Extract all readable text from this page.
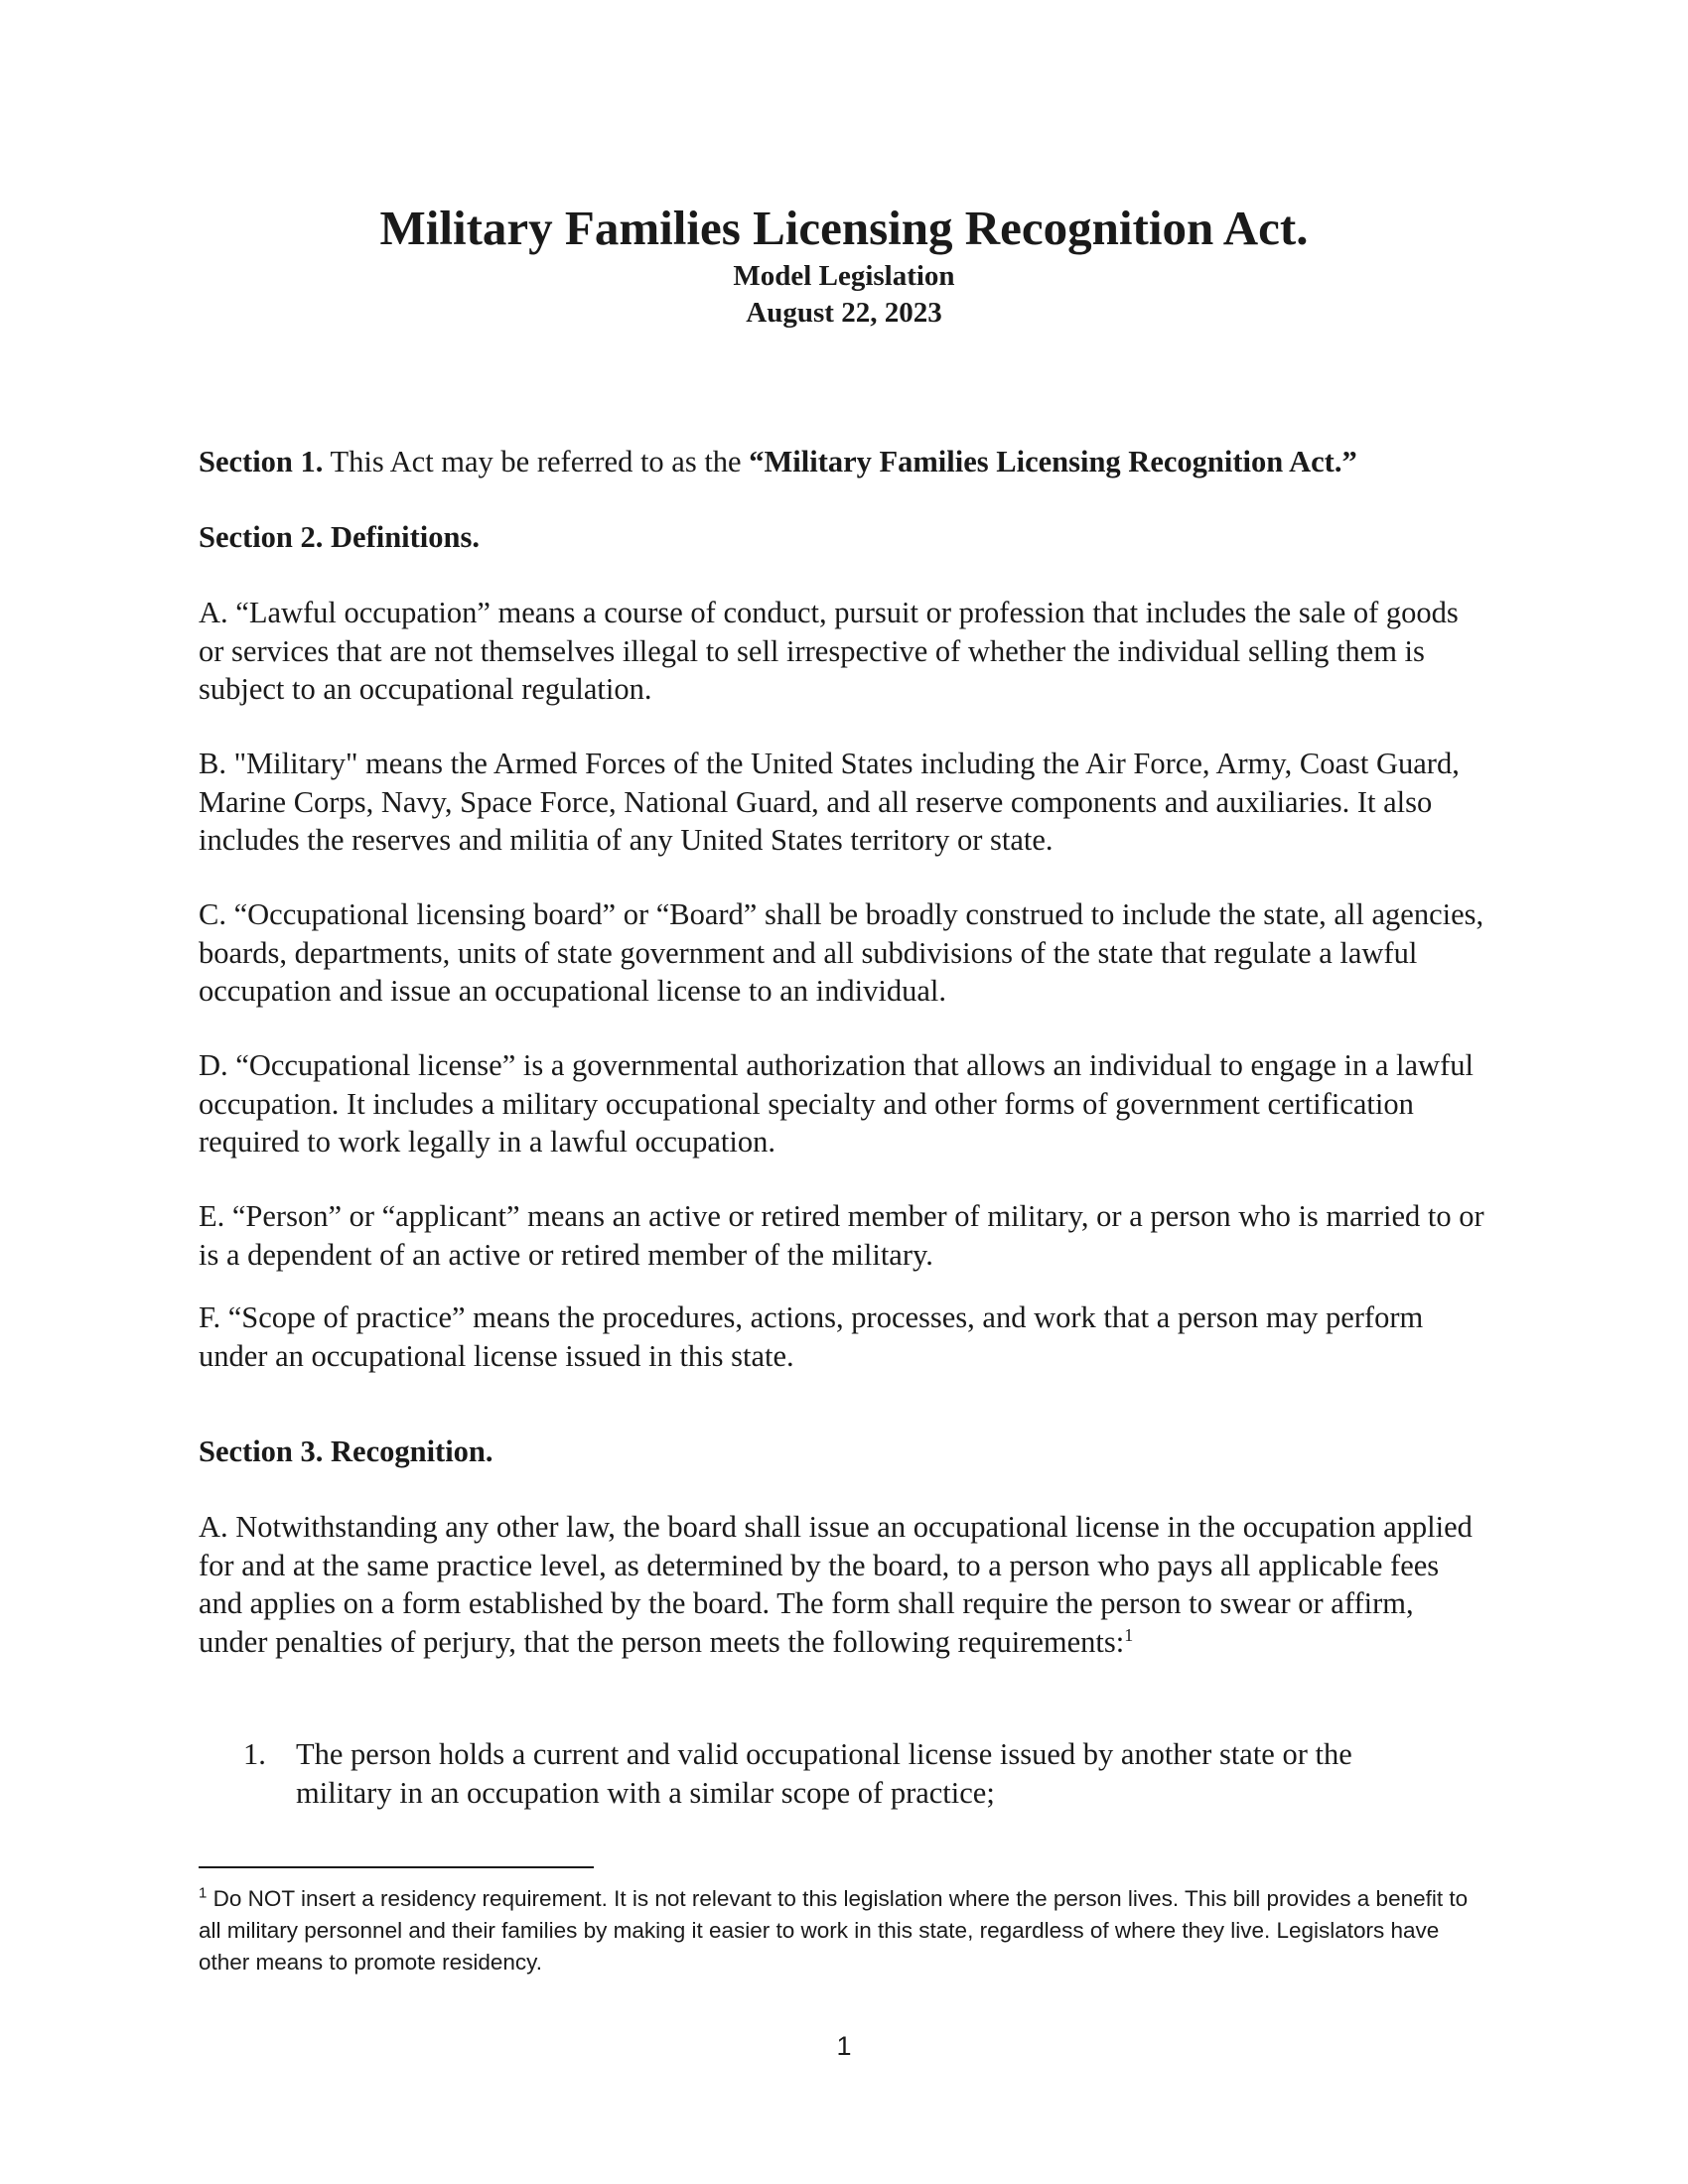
Military Families Licensing Recognition Act.
Model Legislation
August 22, 2023

Section 1. This Act may be referred to as the “Military Families Licensing Recognition Act.”

Section 2. Definitions.

A. “Lawful occupation” means a course of conduct, pursuit or profession that includes the sale of goods or services that are not themselves illegal to sell irrespective of whether the individual selling them is subject to an occupational regulation.

B. "Military" means the Armed Forces of the United States including the Air Force, Army, Coast Guard, Marine Corps, Navy, Space Force, National Guard, and all reserve components and auxiliaries. It also includes the reserves and militia of any United States territory or state.

C. “Occupational licensing board” or “Board” shall be broadly construed to include the state, all agencies, boards, departments, units of state government and all subdivisions of the state that regulate a lawful occupation and issue an occupational license to an individual.

D. “Occupational license” is a governmental authorization that allows an individual to engage in a lawful occupation. It includes a military occupational specialty and other forms of government certification required to work legally in a lawful occupation.

E. “Person” or “applicant” means an active or retired member of military, or a person who is married to or is a dependent of an active or retired member of the military.

F. “Scope of practice” means the procedures, actions, processes, and work that a person may perform under an occupational license issued in this state.

Section 3. Recognition.

A. Notwithstanding any other law, the board shall issue an occupational license in the occupation applied for and at the same practice level, as determined by the board, to a person who pays all applicable fees and applies on a form established by the board. The form shall require the person to swear or affirm, under penalties of perjury, that the person meets the following requirements:$^1$

1. The person holds a current and valid occupational license issued by another state or the military in an occupation with a similar scope of practice;
$^1$ Do NOT insert a residency requirement. It is not relevant to this legislation where the person lives. This bill provides a benefit to all military personnel and their families by making it easier to work in this state, regardless of where they live. Legislators have other means to promote residency.
1
